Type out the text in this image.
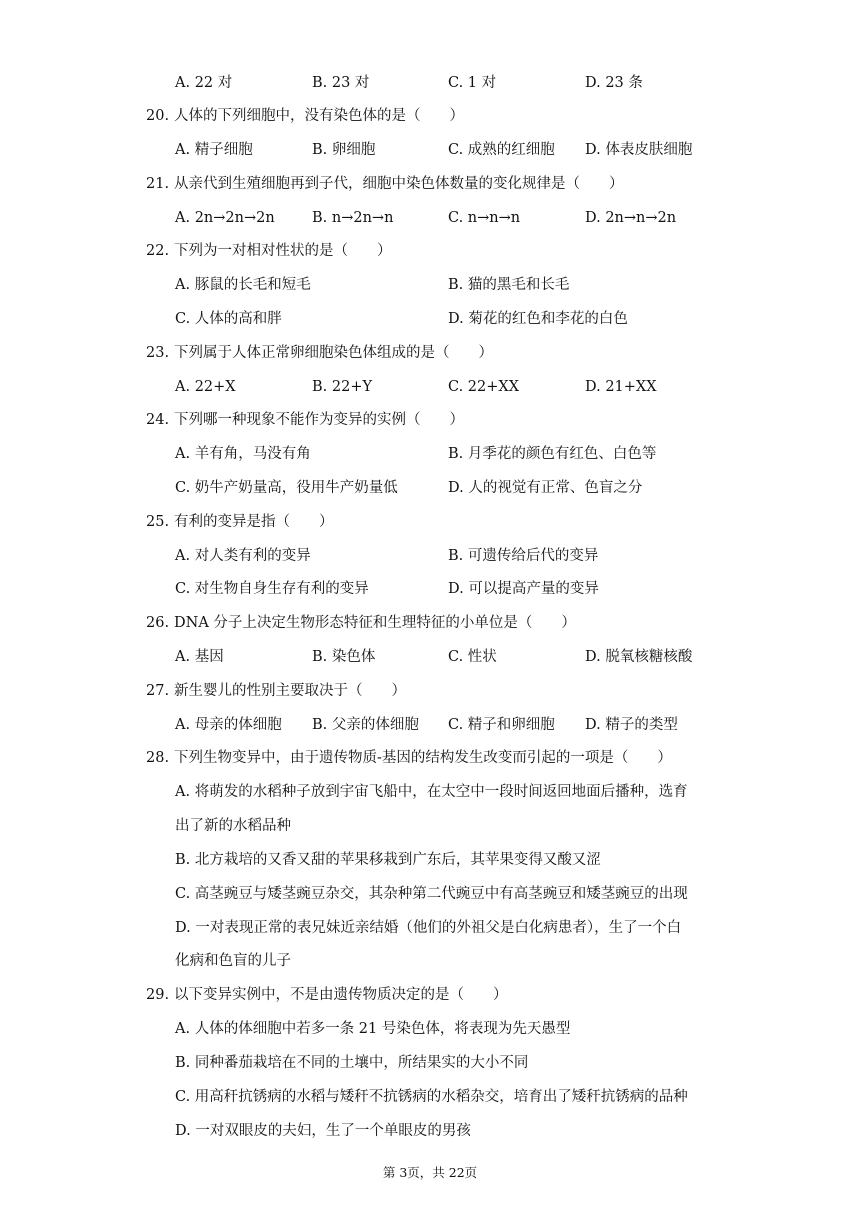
A. 22 对	B. 23 对	C. 1 对	D. 23 条
20. 人体的下列细胞中，没有染色体的是（　　）
A. 精子细胞	B. 卵细胞	C. 成熟的红细胞 D. 体表皮肤细胞
21. 从亲代到生殖细胞再到子代，细胞中染色体数量的变化规律是（　　）
A. 2n→2n→2n	B. n→2n→n	C. n→n→n	D. 2n→n→2n
22. 下列为一对相对性状的是（　　）
A. 豚鼠的长毛和短毛	B. 猫的黑毛和长毛
C. 人体的高和胖	D. 菊花的红色和李花的白色
23. 下列属于人体正常卵细胞染色体组成的是（　　）
A. 22+X	B. 22+Y	C. 22+XX	D. 21+XX
24. 下列哪一种现象不能作为变异的实例（　　）
A. 羊有角，马没有角	B. 月季花的颜色有红色、白色等
C. 奶牛产奶量高，役用牛产奶量低	D. 人的视觉有正常、色盲之分
25. 有利的变异是指（　　）
A. 对人类有利的变异	B. 可遗传给后代的变异
C. 对生物自身生存有利的变异	D. 可以提高产量的变异
26. DNA 分子上决定生物形态特征和生理特征的小单位是（　　）
A. 基因	B. 染色体	C. 性状	D. 脱氧核糖核酸
27. 新生婴儿的性别主要取决于（　　）
A. 母亲的体细胞 B. 父亲的体细胞 C. 精子和卵细胞 D. 精子的类型
28. 下列生物变异中，由于遗传物质-基因的结构发生改变而引起的一项是（　　）
A. 将萌发的水稻种子放到宇宙飞船中，在太空中一段时间返回地面后播种，选育
出了新的水稻品种
B. 北方栽培的又香又甜的苹果移栽到广东后，其苹果变得又酸又涩
C. 高茎豌豆与矮茎豌豆杂交，其杂种第二代豌豆中有高茎豌豆和矮茎豌豆的出现
D. 一对表现正常的表兄妹近亲结婚（他们的外祖父是白化病患者），生了一个白
化病和色盲的儿子
29. 以下变异实例中，不是由遗传物质决定的是（　　）
A. 人体的体细胞中若多一条 21 号染色体，将表现为先天愚型
B. 同种番茄栽培在不同的土壤中，所结果实的大小不同
C. 用高秆抗锈病的水稻与矮秆不抗锈病的水稻杂交，培育出了矮秆抗锈病的品种
D. 一对双眼皮的夫妇，生了一个单眼皮的男孩
第 3页，共 22页
